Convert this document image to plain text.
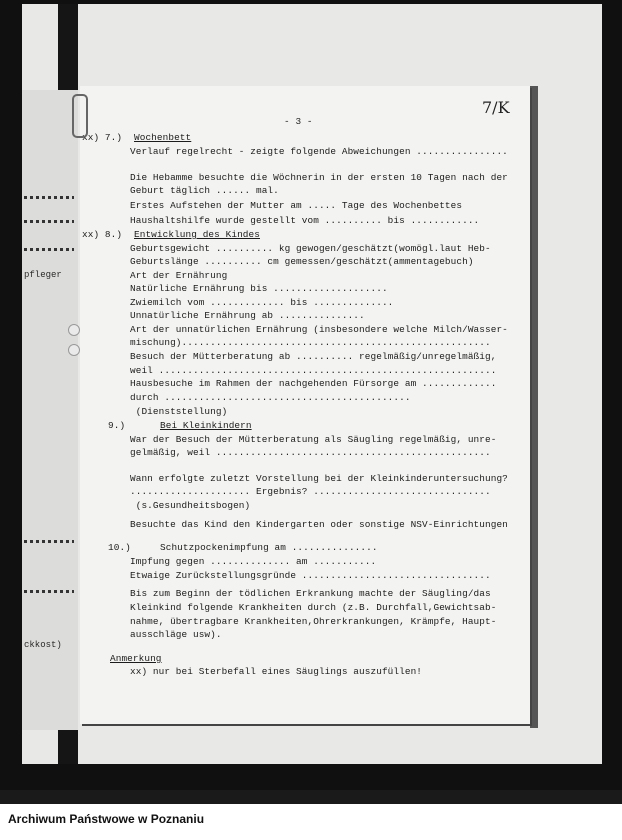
pfleger
ckkost)
7/K
- 3 -
xx) 7.) Wochenbett
Verlauf regelrecht - zeigte folgende Abweichungen ................
Die Hebamme besuchte die Wöchnerin in der ersten 10 Tagen nach der
Geburt täglich ...... mal.
Erstes Aufstehen der Mutter am ..... Tage des Wochenbettes
Haushaltshilfe wurde gestellt vom .......... bis ............
xx) 8.) Entwicklung des Kindes
Geburtsgewicht .......... kg gewogen/geschätzt(womögl.laut Heb-
Geburtslänge .......... cm gemessen/geschätzt(ammentagebuch)
Art der Ernährung
Natürliche Ernährung bis ....................
Zwiemilch vom ............. bis ..............
Unnatürliche Ernährung ab ...............
Art der unnatürlichen Ernährung (insbesondere welche Milch/Wasser-
mischung)......................................................
Besuch der Mütterberatung ab .......... regelmäßig/unregelmäßig,
weil ...........................................................
Hausbesuche im Rahmen der nachgehenden Fürsorge am .............
durch ...........................................
(Dienststellung)
9.)	Bei Kleinkindern
War der Besuch der Mütterberatung als Säugling regelmäßig, unre-
gelmäßig, weil ................................................
Wann erfolgte zuletzt Vorstellung bei der Kleinkinderuntersuchung?
..................... Ergebnis? ...............................
(s.Gesundheitsbogen)
Besuchte das Kind den Kindergarten oder sonstige NSV-Einrichtungen
10.)	Schutzpockenimpfung am ...............
Impfung gegen .............. am ...........
Etwaige Zurückstellungsgründe .................................
Bis zum Beginn der tödlichen Erkrankung machte der Säugling/das
Kleinkind folgende Krankheiten durch (z.B. Durchfall,Gewichtsab-
nahme, übertragbare Krankheiten,Ohrerkrankungen, Krämpfe, Haupt-
ausschläge usw).
Anmerkung
xx) nur bei Sterbefall eines Säuglings auszufüllen!
Archiwum Państwowe w Poznaniu
